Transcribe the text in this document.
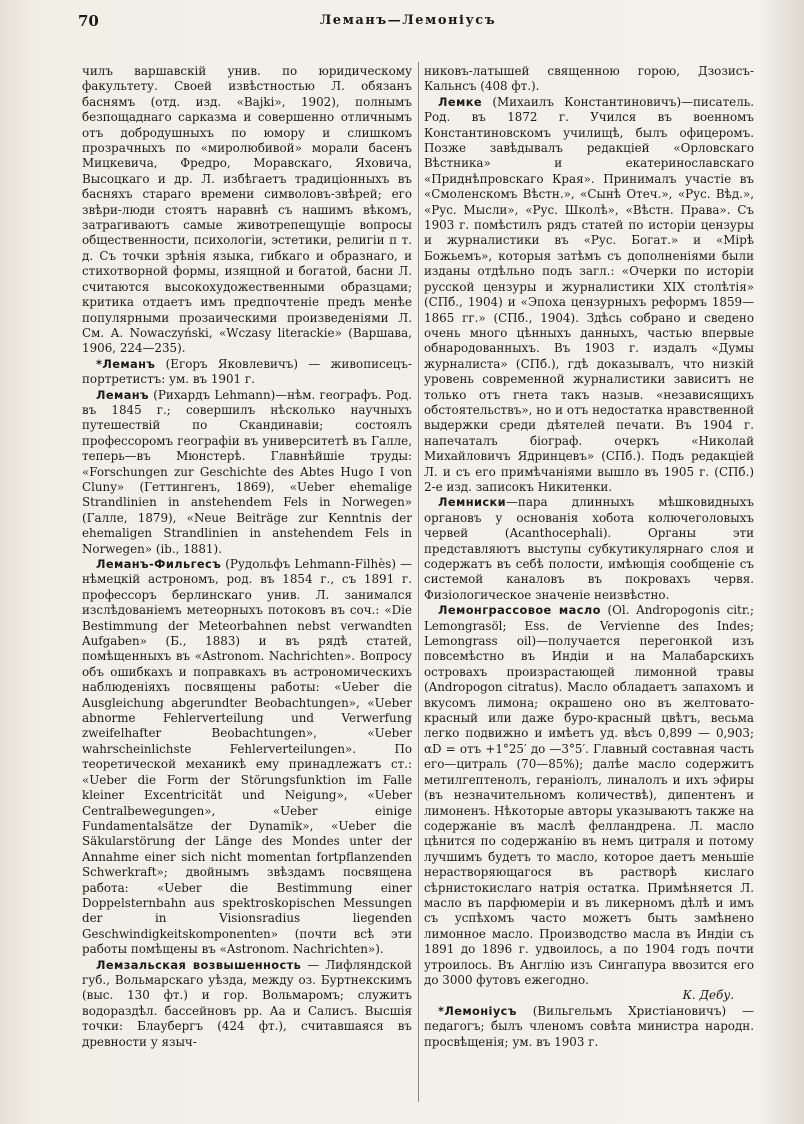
70	Леманъ—Лемоніусъ

чилъ варшавскій унив. по юридическому факультету. Своей извѣстностью Л. обязанъ баснямъ (отд. изд. «Bajki», 1902), полнымъ безпощаднаго сарказма и совершенно отличнымъ отъ добродушныхъ по юмору и слишкомъ прозрачныхъ по «миролюбивой» морали басенъ Мицкевича, Фредро, Моравскаго, Яховича, Высоцкаго и др. Л. избѣгаетъ традиціонныхъ въ басняхъ стараго времени символовъ-звѣрей; его звѣри-люди стоятъ наравнѣ съ нашимъ вѣкомъ, затрагиваютъ самые животрепещущіе вопросы общественности, психологіи, эстетики, религіи п т. д. Съ точки зрѣнія языка, гибкаго и образнаго, и стихотворной формы, изящной и богатой, басни Л. считаются высокохудожественными образцами; критика отдаетъ имъ предпочтеніе предъ менѣе популярными прозаическими произведеніями Л. См. А. Nowaczyński, «Wczasy literackie» (Варшава, 1906, 224—235).

*Леманъ (Егоръ Яковлевичъ) — живописецъ-портретистъ: ум. въ 1901 г.

Леманъ (Рихардъ Lehmann)—нѣм. географъ. Род. въ 1845 г.; совершилъ нѣсколько научныхъ путешествій по Скандинавіи; состоялъ профессоромъ географіи въ университетѣ въ Галле, теперь—въ Мюнстерѣ. Главнѣйшіе труды: «Forschungen zur Geschichte des Abtes Hugo I von Cluny» (Геттингенъ, 1869), «Ueber ehemalige Strandlinien in anstehendem Fels in Norwegen» (Галле, 1879), «Neue Beiträge zur Kenntnis der ehemaligen Strandlinien in anstehendem Fels in Norwegen» (ib., 1881).

Леманъ-Фильгесъ (Рудольфъ Lehmann-Filhès) — нѣмецкій астрономъ, род. въ 1854 г., съ 1891 г. профессоръ берлинскаго унив. Л. занимался изслѣдованіемъ метеорныхъ потоковъ въ соч.: «Die Bestimmung der Meteorbahnen nebst verwandten Aufgaben» (Б., 1883) и въ рядѣ статей, помѣщенныхъ въ «Astronom. Nachrichten». Вопросу объ ошибкахъ и поправкахъ въ астрономическихъ наблюденіяхъ посвящены работы: «Ueber die Ausgleichung abgerundter Beobachtungen», «Ueber abnorme Fehlerverteilung und Verwerfung zweifelhafter Beobachtungen», «Ueber wahrscheinlichste Fehlerverteilungen». По теоретической механикѣ ему принадлежатъ ст.: «Ueber die Form der Störungsfunktion im Falle kleiner Excentricität und Neigung», «Ueber Centralbewegungen», «Ueber einige Fundamentalsätze der Dynamik», «Ueber die Säkularstörung der Länge des Mondes unter der Annahme einer sich nicht momentan fortpflanzenden Schwerkraft»; двойнымъ звѣздамъ посвящена работа: «Ueber die Bestimmung einer Doppelsternbahn aus spektroskopischen Messungen der in Visionsradius liegenden Geschwindigkeitskomponenten» (почти всѣ эти работы помѣщены въ «Astronom. Nachrichten»).

Лемзальская возвышенность — Лифляндской губ., Вольмарскаго уѣзда, между оз. Буртнекскимъ (выс. 130 фт.) и гор. Вольмаромъ; служитъ водораздѣл. бассейновъ рр. Аа и Салисъ. Высшія точки: Блаубергъ (424 фт.), считавшаяся въ древности у языч-

никовъ-латышей священною горою, Дзозисъ-Кальнсъ (408 фт.).

Лемке (Михаилъ Константиновичъ)—писатель. Род. въ 1872 г. Учился въ военномъ Константиновскомъ училищѣ, былъ офицеромъ. Позже завѣдывалъ редакціей «Орловскаго Вѣстника» и екатеринославскаго «Приднѣпровскаго Края». Принималъ участіе въ «Смоленскомъ Вѣстн.», «Сынѣ Отеч.», «Рус. Вѣд.», «Рус. Мысли», «Рус. Школѣ», «Вѣстн. Права». Съ 1903 г. помѣстилъ рядъ статей по исторіи цензуры и журналистики въ «Рус. Богат.» и «Мірѣ Божьемъ», которыя затѣмъ съ дополненіями были изданы отдѣльно подъ загл.: «Очерки по исторіи русской цензуры и журналистики XIX столѣтія» (СПб., 1904) и «Эпоха цензурныхъ реформъ 1859—1865 гг.» (СПб., 1904). Здѣсь собрано и сведено очень много цѣнныхъ данныхъ, частью впервые обнародованныхъ. Въ 1903 г. издалъ «Думы журналиста» (СПб.), гдѣ доказывалъ, что низкій уровень современной журналистики зависитъ не только отъ гнета такъ назыв. «независящихъ обстоятельствъ», но и отъ недостатка нравственной выдержки среди дѣятелей печати. Въ 1904 г. напечаталъ біограф. очеркъ «Николай Михайловичъ Ядринцевъ» (СПб.). Подъ редакціей Л. и съ его примѣчаніями вышло въ 1905 г. (СПб.) 2-е изд. записокъ Никитенки.

Лемниски—пара длинныхъ мѣшковидныхъ органовъ у основанія хобота колючеголовыхъ червей (Acanthocephali). Органы эти представляютъ выступы субкутикулярнаго слоя и содержатъ въ себѣ полости, имѣющія сообщеніе съ системой каналовъ въ покровахъ червя. Физіологическое значеніе неизвѣстно.

Лемонграссовое масло (Ol. Andropogonis citr.; Lemongrasöl; Ess. de Vervienne des Indes; Lemongrass oil)—получается перегонкой изъ повсемѣстно въ Индіи и на Малабарскихъ островахъ произрастающей лимонной травы (Andropogon citratus). Масло обладаетъ запахомъ и вкусомъ лимона; окрашено оно въ желтовато-красный или даже буро-красный цвѣтъ, весьма легко подвижно и имѣетъ уд. вѣсъ 0,899 — 0,903; αD = отъ +1°25′ до —3°5′. Главный составная часть его—цитраль (70—85%); далѣе масло содержитъ метилгептенолъ, гераніолъ, линалолъ и ихъ эфиры (въ незначительномъ количествѣ), дипентенъ и лимоненъ. Нѣкоторые авторы указываютъ также на содержаніе въ маслѣ фелландрена. Л. масло цѣнится по содержанію въ немъ цитраля и потому лучшимъ будетъ то масло, которое даетъ меньшіе нерастворяющагося въ растворѣ кислаго сѣрнистокислаго натрія остатка. Примѣняется Л. масло въ парфюмеріи и въ ликерномъ дѣлѣ и имъ съ успѣхомъ часто можетъ быть замѣнено лимонное масло. Производство масла въ Индіи съ 1891 до 1896 г. удвоилось, а по 1904 годъ почти утроилось. Въ Англію изъ Сингапура ввозится его до 3000 футовъ ежегодно.
К. Дебу.

*Лемоніусъ (Вильгельмъ Христіановичъ) — педагогъ; былъ членомъ совѣта министра народн. просвѣщенія; ум. въ 1903 г.
